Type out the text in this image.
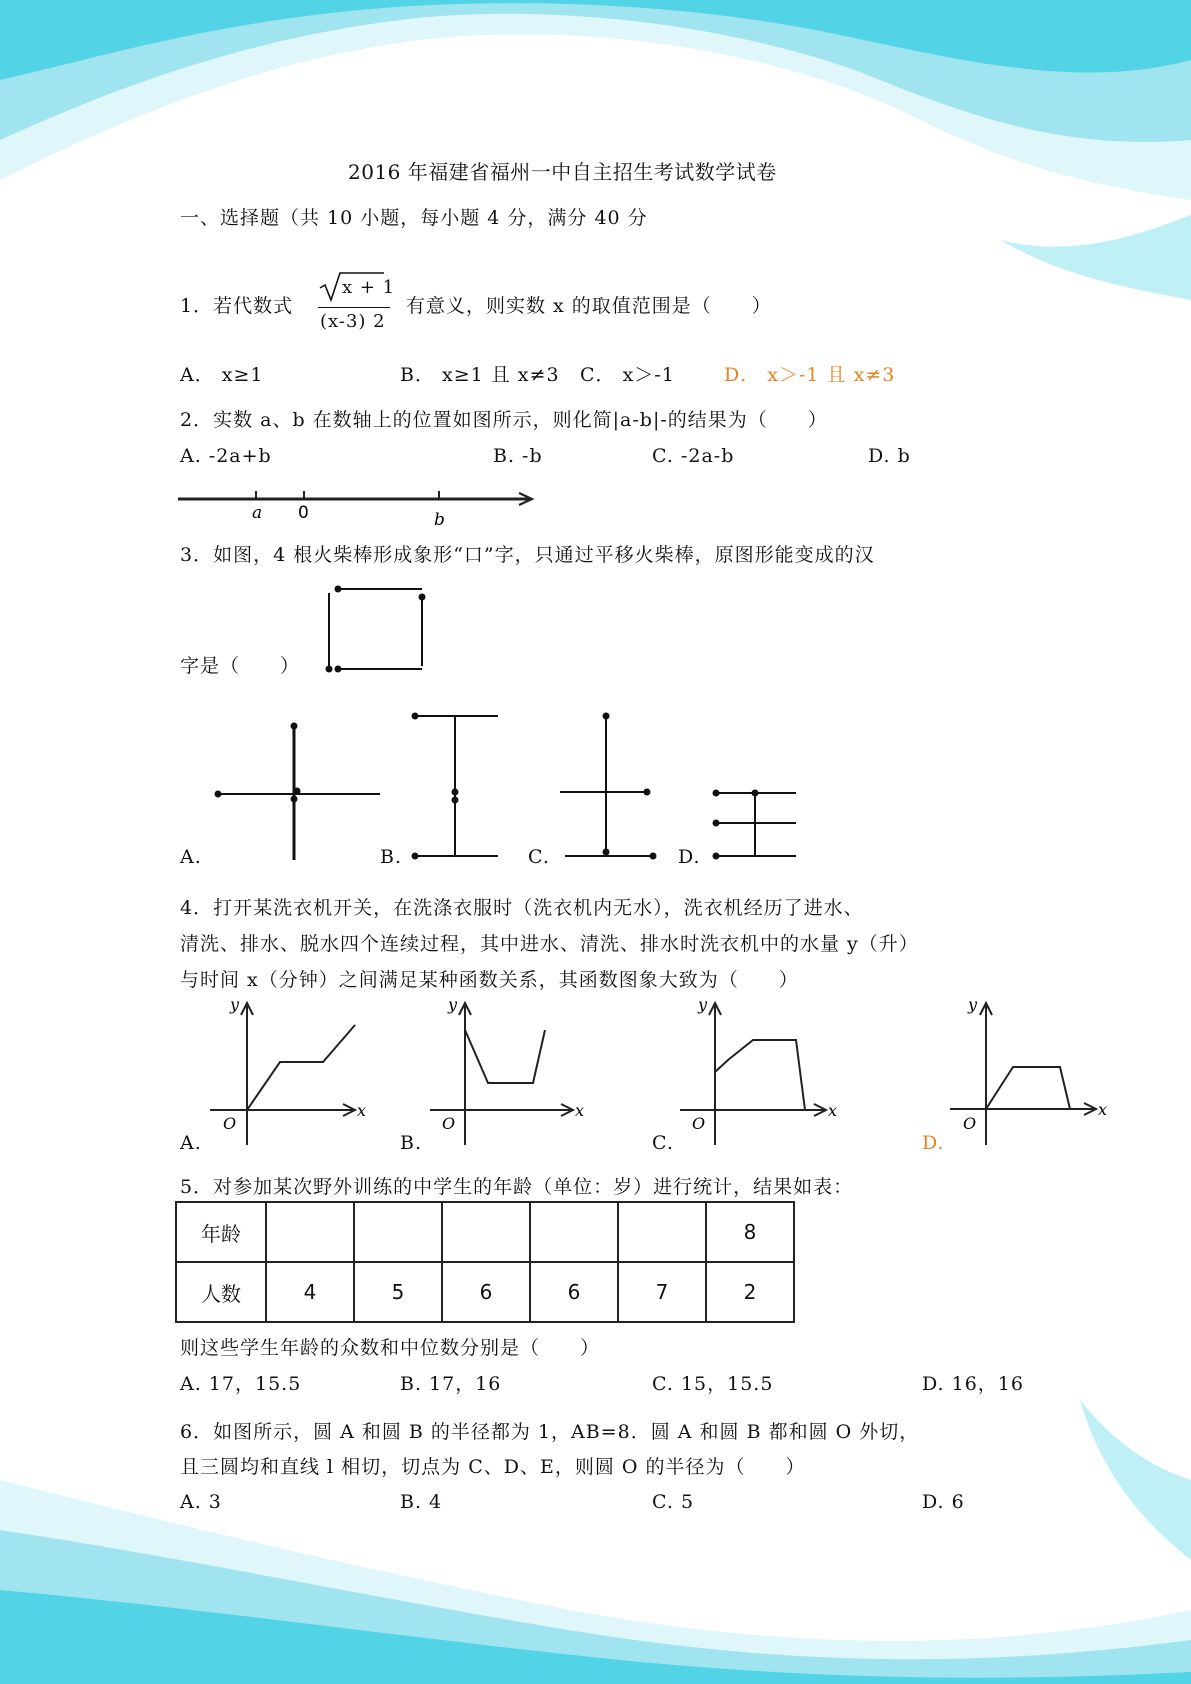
2016 年福建省福州一中自主招生考试数学试卷
一、选择题（共 10 小题，每小题 4 分，满分 40 分
1．若代数式
x + 1
(x-3) 2
有意义，则实数 x 的取值范围是（　　）
A． x≥1	B． x≥1 且 x≠3 C． x＞-1	D． x＞-1 且 x≠3
2．实数 a、b 在数轴上的位置如图所示，则化简|a-b|-的结果为（　　）
A. -2a+b	B. -b	C. -2a-b	D. b
a 0	b
3．如图，4 根火柴棒形成象形“口”字，只通过平移火柴棒，原图形能变成的汉
字是（　　）
A.	B.	C.	D.
4．打开某洗衣机开关，在洗涤衣服时（洗衣机内无水），洗衣机经历了进水、
清洗、排水、脱水四个连续过程，其中进水、清洗、排水时洗衣机中的水量 y（升）
与时间 x（分钟）之间满足某种函数关系，其函数图象大致为（　　）
y
x
O
y
x
O
y
x
O
y
x
O
A.	B.	C.	D.
5．对参加某次野外训练的中学生的年龄（单位：岁）进行统计，结果如表：
年龄						8
人数	4	5	6	6	7	2
则这些学生年龄的众数和中位数分别是（　　）
A. 17，15.5	B. 17，16	C. 15，15.5	D. 16，16
6．如图所示，圆 A 和圆 B 的半径都为 1，AB=8．圆 A 和圆 B 都和圆 O 外切，
且三圆均和直线 l 相切，切点为 C、D、E，则圆 O 的半径为（　　）
A. 3	B. 4	C. 5	D. 6
